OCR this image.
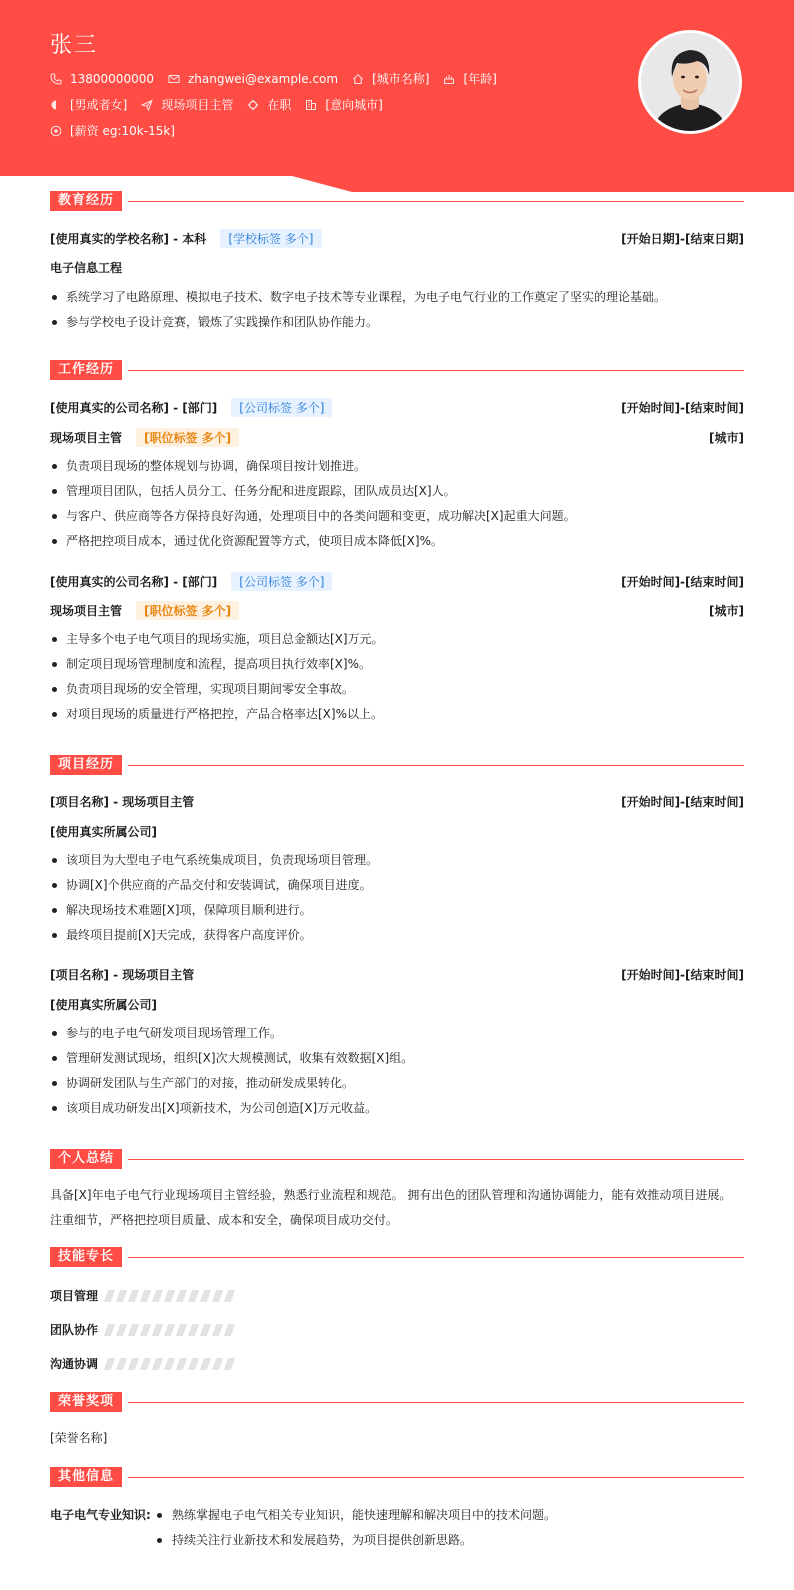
张三
13800000000	zhangwei@example.com	[城市名称]	[年龄]
[男或者女]	现场项目主管	在职	[意向城市]
[薪资 eg:10k-15k]
教育经历
[使用真实的学校名称] - 本科	[学校标签 多个]	[开始日期]-[结束日期]
电子信息工程
系统学习了电路原理、模拟电子技术、数字电子技术等专业课程，为电子电气行业的工作奠定了坚实的理论基础。
参与学校电子设计竞赛，锻炼了实践操作和团队协作能力。
工作经历
[使用真实的公司名称] - [部门]	[公司标签 多个]	[开始时间]-[结束时间]
现场项目主管	[职位标签 多个]	[城市]
负责项目现场的整体规划与协调，确保项目按计划推进。
管理项目团队，包括人员分工、任务分配和进度跟踪，团队成员达[X]人。
与客户、供应商等各方保持良好沟通，处理项目中的各类问题和变更，成功解决[X]起重大问题。
严格把控项目成本，通过优化资源配置等方式，使项目成本降低[X]%。
[使用真实的公司名称] - [部门]	[公司标签 多个]	[开始时间]-[结束时间]
现场项目主管	[职位标签 多个]	[城市]
主导多个电子电气项目的现场实施，项目总金额达[X]万元。
制定项目现场管理制度和流程，提高项目执行效率[X]%。
负责项目现场的安全管理，实现项目期间零安全事故。
对项目现场的质量进行严格把控，产品合格率达[X]%以上。
项目经历
[项目名称] - 现场项目主管	[开始时间]-[结束时间]
[使用真实所属公司]
该项目为大型电子电气系统集成项目，负责现场项目管理。
协调[X]个供应商的产品交付和安装调试，确保项目进度。
解决现场技术难题[X]项，保障项目顺利进行。
最终项目提前[X]天完成，获得客户高度评价。
[项目名称] - 现场项目主管	[开始时间]-[结束时间]
[使用真实所属公司]
参与的电子电气研发项目现场管理工作。
管理研发测试现场，组织[X]次大规模测试，收集有效数据[X]组。
协调研发团队与生产部门的对接，推动研发成果转化。
该项目成功研发出[X]项新技术，为公司创造[X]万元收益。
个人总结
具备[X]年电子电气行业现场项目主管经验，熟悉行业流程和规范。 拥有出色的团队管理和沟通协调能力，能有效推动项目进展。
注重细节，严格把控项目质量、成本和安全，确保项目成功交付。
技能专长
项目管理
团队协作
沟通协调
荣誉奖项
[荣誉名称]
其他信息
电子电气专业知识:	熟练掌握电子电气相关专业知识，能快速理解和解决项目中的技术问题。
持续关注行业新技术和发展趋势，为项目提供创新思路。
